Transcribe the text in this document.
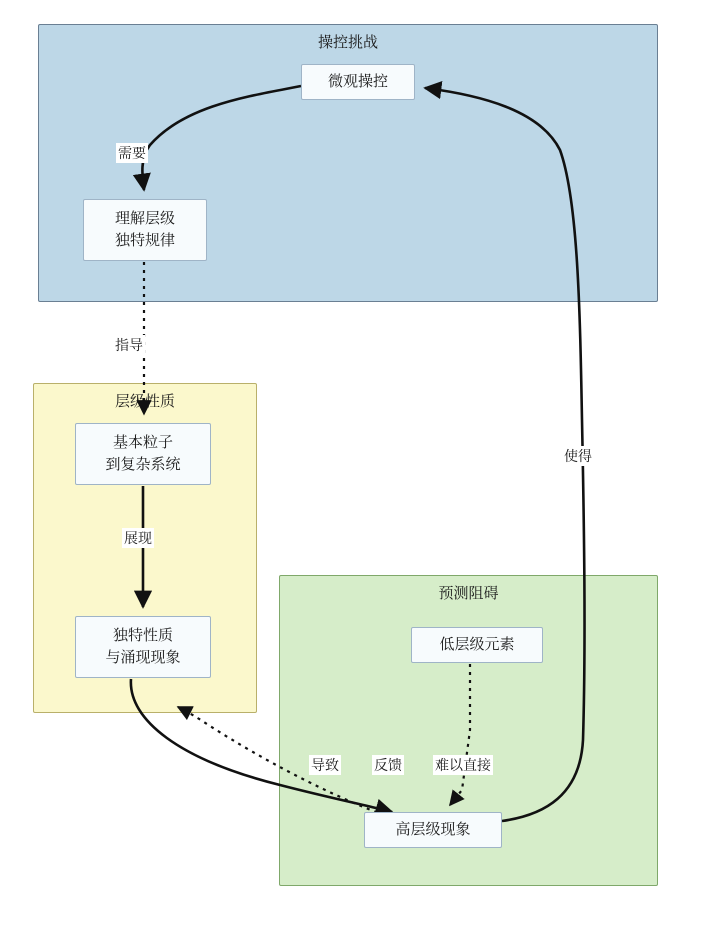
操控挑战
层级性质
预测阻碍
微观操控
理解层级
独特规律
基本粒子
到复杂系统
独特性质
与涌现现象
低层级元素
高层级现象
需要
指导
展现
导致	反馈 难以直接
使得
